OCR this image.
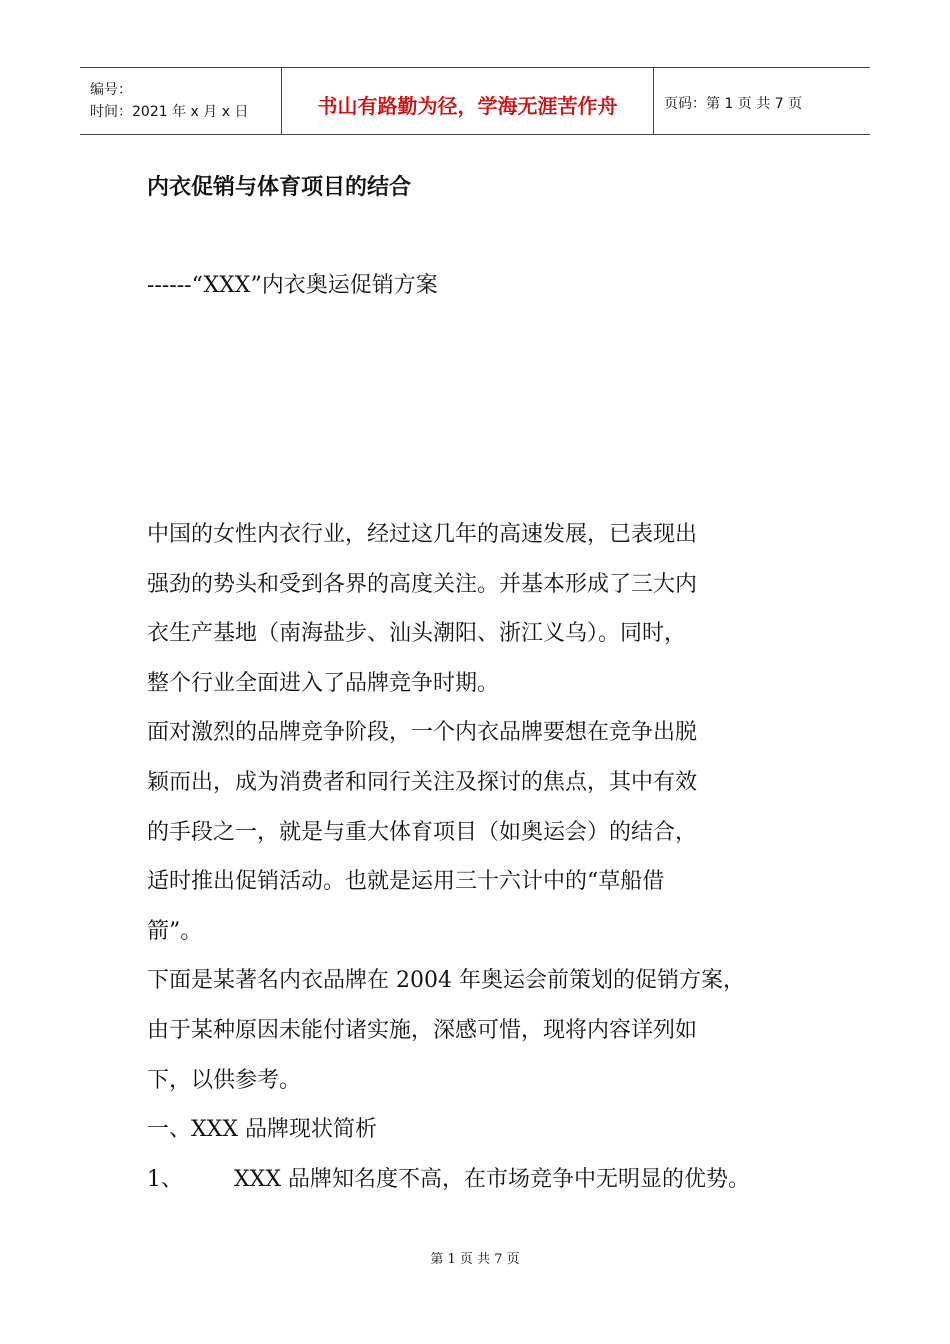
编号：
时间：2021 年 x 月 x 日	书山有路勤为径，学海无涯苦作舟	页码：第 1 页 共 7 页
内衣促销与体育项目的结合
------“XXX”内衣奥运促销方案
中国的女性内衣行业，经过这几年的高速发展，已表现出
强劲的势头和受到各界的高度关注。并基本形成了三大内
衣生产基地（南海盐步、汕头潮阳、浙江义乌）。同时，
整个行业全面进入了品牌竞争时期。
面对激烈的品牌竞争阶段，一个内衣品牌要想在竞争出脱
颖而出，成为消费者和同行关注及探讨的焦点，其中有效
的手段之一，就是与重大体育项目（如奥运会）的结合，
适时推出促销活动。也就是运用三十六计中的“草船借
箭”。
下面是某著名内衣品牌在 2004 年奥运会前策划的促销方案，
由于某种原因未能付诸实施，深感可惜，现将内容详列如
下，以供参考。
一、XXX 品牌现状简析
1、	XXX 品牌知名度不高，在市场竞争中无明显的优势。
第 1 页 共 7 页
